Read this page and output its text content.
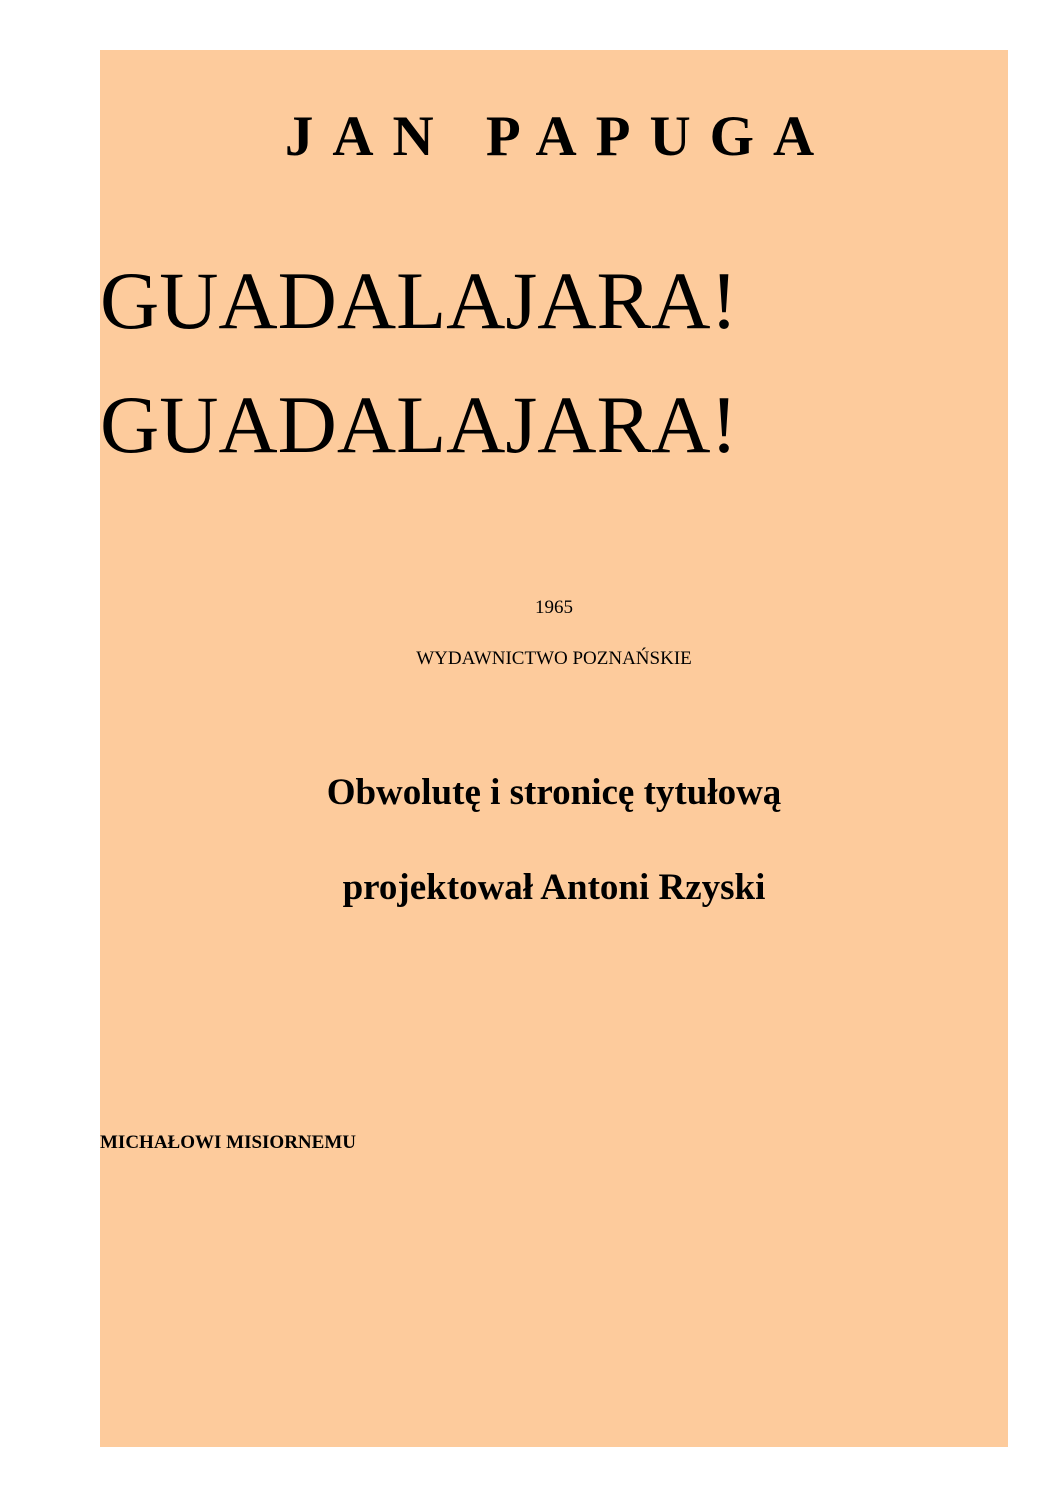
JAN PAPUGA
GUADALAJARA!
GUADALAJARA!
1965
WYDAWNICTWO POZNAŃSKIE
Obwolutę i stronicę tytułową
projektował Antoni Rzyski
MICHAŁOWI MISIORNEMU
